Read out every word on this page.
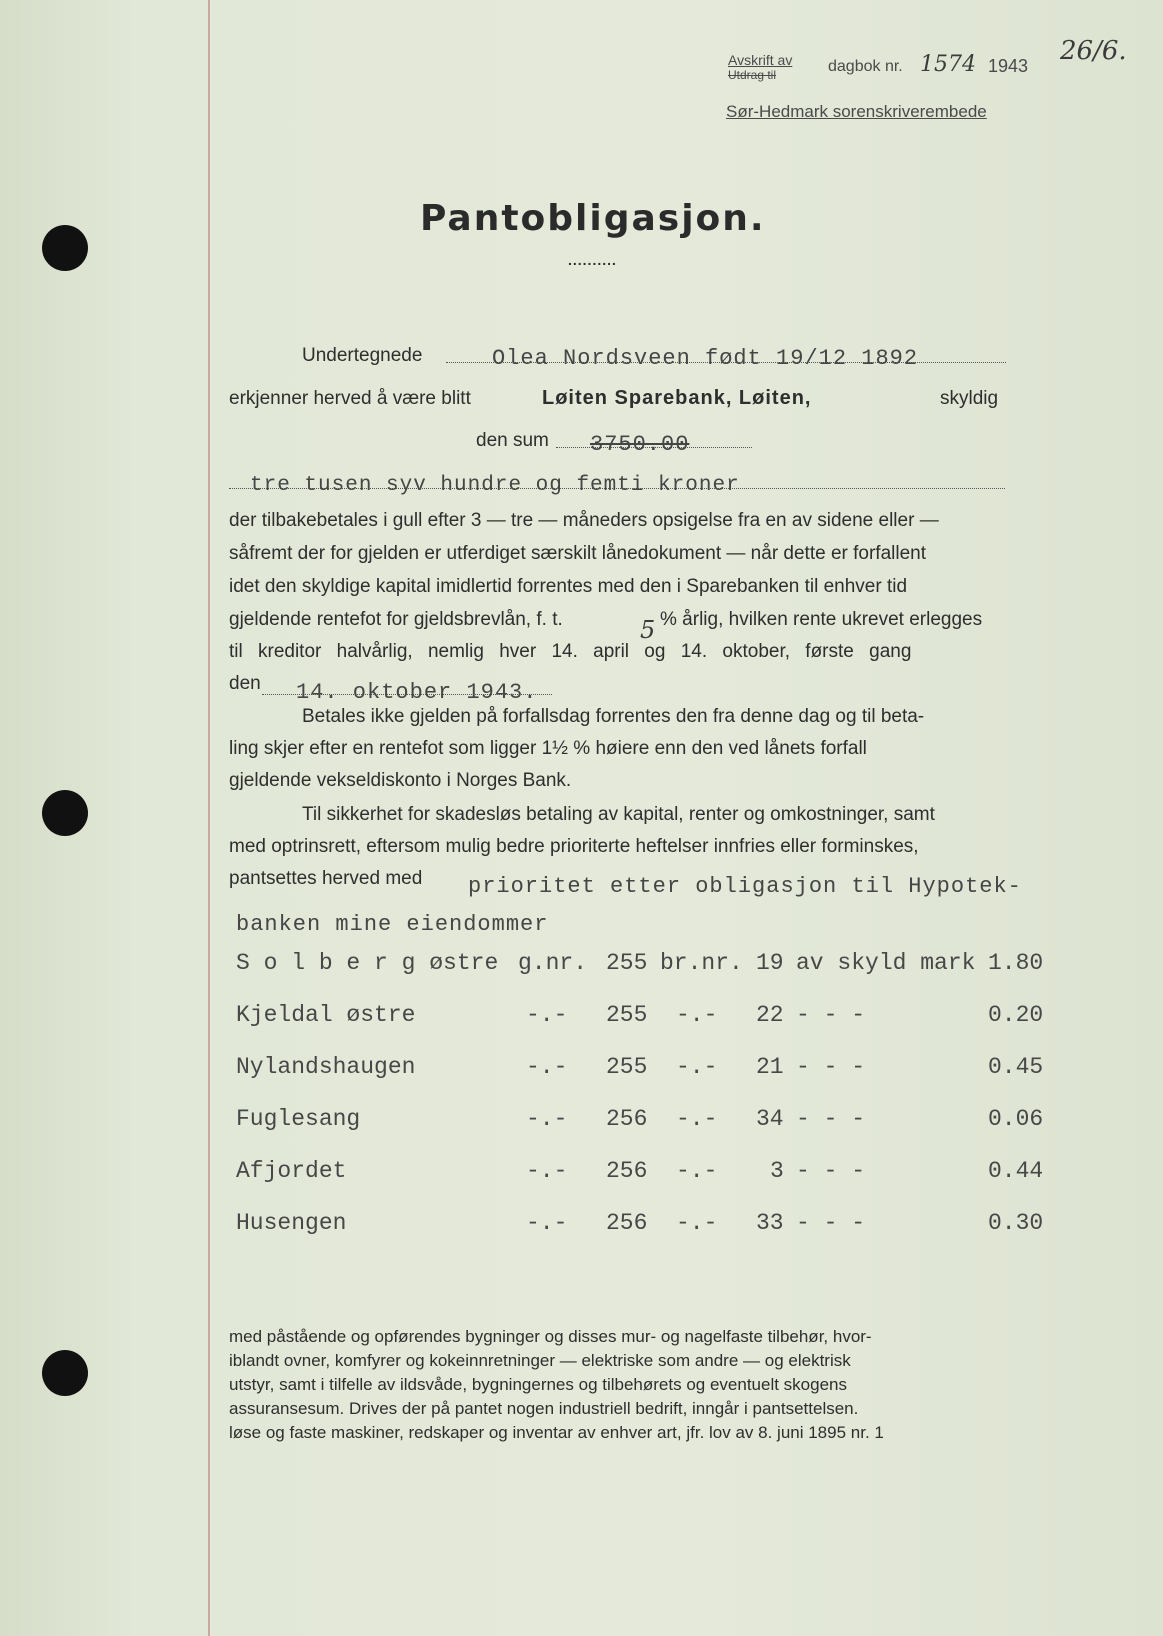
Avskrift av
Utdrag til	dagbok nr. 1574 1943 26/6.
Sør-Hedmark sorenskriverembede
Pantobligasjon.
..........
Undertegnede	Olea Nordsveen født 19/12 1892
erkjenner herved å være blitt	Løiten Sparebank, Løiten,	skyldig
den sum 3750.00
tre tusen syv hundre og femti kroner
der tilbakebetales i gull efter 3 — tre — måneders opsigelse fra en av sidene eller —
såfremt der for gjelden er utferdiget særskilt lånedokument — når dette er forfallent
idet den skyldige kapital imidlertid forrentes med den i Sparebanken til enhver tid
gjeldende rentefot for gjeldsbrevlån, f. t.	5 % årlig, hvilken rente ukrevet erlegges
til kreditor halvårlig, nemlig hver 14. april og 14. oktober, første gang
den 14. oktober 1943.
Betales ikke gjelden på forfallsdag forrentes den fra denne dag og til beta-
ling skjer efter en rentefot som ligger 1½ % høiere enn den ved lånets forfall
gjeldende vekseldiskonto i Norges Bank.
Til sikkerhet for skadesløs betaling av kapital, renter og omkostninger, samt
med optrinsrett, eftersom mulig bedre prioriterte heftelser innfries eller forminskes,
pantsettes herved med prioritet etter obligasjon til Hypotek-
banken mine eiendommer
S o l b e r g østre g.nr. 255 br.nr. 19 av skyld mark 1.80
Kjeldal østre	-.- 255 -.- 22 - - -	0.20
Nylandshaugen	-.- 255 -.- 21 - - -	0.45
Fuglesang	-.- 256 -.- 34 - - -	0.06
Afjordet	-.- 256 -.- 3 - - -	0.44
Husengen	-.- 256 -.- 33 - - -	0.30

med påstående og opførendes bygninger og disses mur- og nagelfaste tilbehør, hvor-

iblandt ovner, komfyrer og kokeinnretninger — elektriske som andre — og elektrisk

utstyr, samt i tilfelle av ildsvåde, bygningernes og tilbehørets og eventuelt skogens

assuransesum. Drives der på pantet nogen industriell bedrift, inngår i pantsettelsen.

løse og faste maskiner, redskaper og inventar av enhver art, jfr. lov av 8. juni 1895 nr. 1
